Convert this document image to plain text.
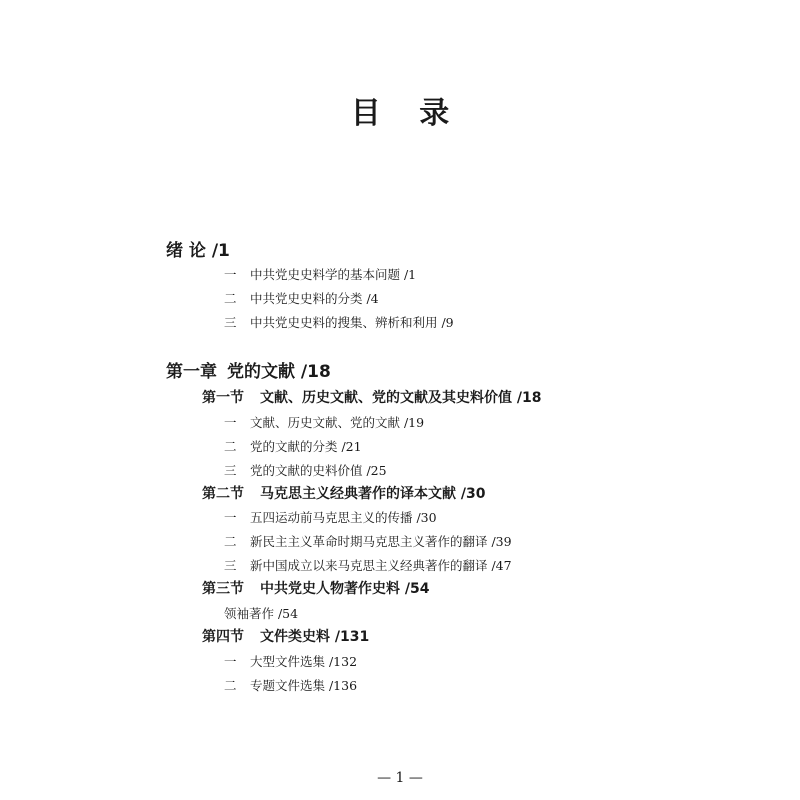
目 录
绪 论 /1
一 中共党史史料学的基本问题 /1
二 中共党史史料的分类 /4
三 中共党史史料的搜集、辨析和利用 /9
第一章 党的文献 /18
第一节 文献、历史文献、党的文献及其史料价值 /18
一 文献、历史文献、党的文献 /19
二 党的文献的分类 /21
三 党的文献的史料价值 /25
第二节 马克思主义经典著作的译本文献 /30
一 五四运动前马克思主义的传播 /30
二 新民主主义革命时期马克思主义著作的翻译 /39
三 新中国成立以来马克思主义经典著作的翻译 /47
第三节 中共党史人物著作史料 /54
领袖著作 /54
第四节 文件类史料 /131
一 大型文件选集 /132
二 专题文件选集 /136
— 1 —
